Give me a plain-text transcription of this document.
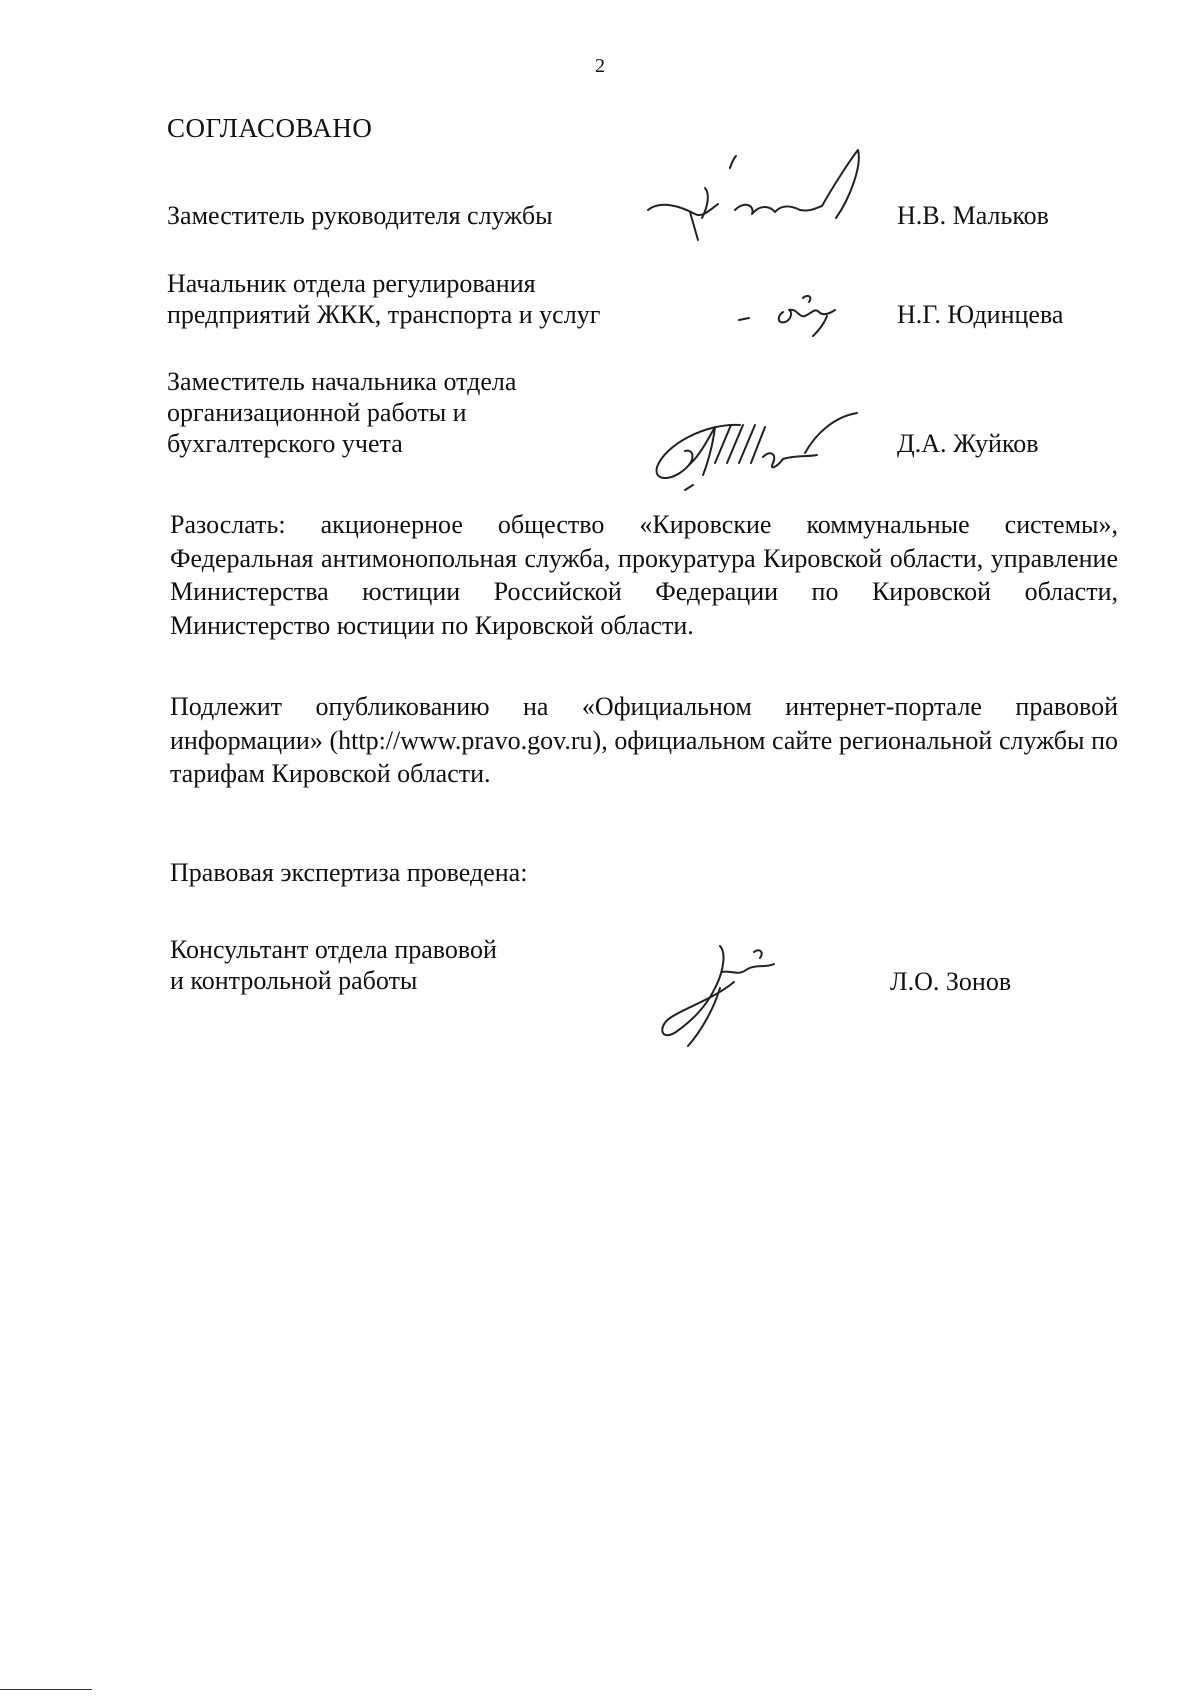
2
СОГЛАСОВАНО
Заместитель руководителя службы	Н.В. Мальков
Начальник отдела регулирования
предприятий ЖКК, транспорта и услуг	Н.Г. Юдинцева
Заместитель начальника отдела
организационной работы и
бухгалтерского учета	Д.А. Жуйков

Разослать: акционерное общество «Кировские коммунальные системы», Федеральная антимонопольная служба, прокуратура Кировской области, управление Министерства юстиции Российской Федерации по Кировской области, Министерство юстиции по Кировской области.

Подлежит опубликованию на «Официальном интернет-портале правовой информации» (http://www.pravo.gov.ru), официальном сайте региональной службы по тарифам Кировской области.

Правовая экспертиза проведена:
Консультант отдела правовой
и контрольной работы	Л.О. Зонов
